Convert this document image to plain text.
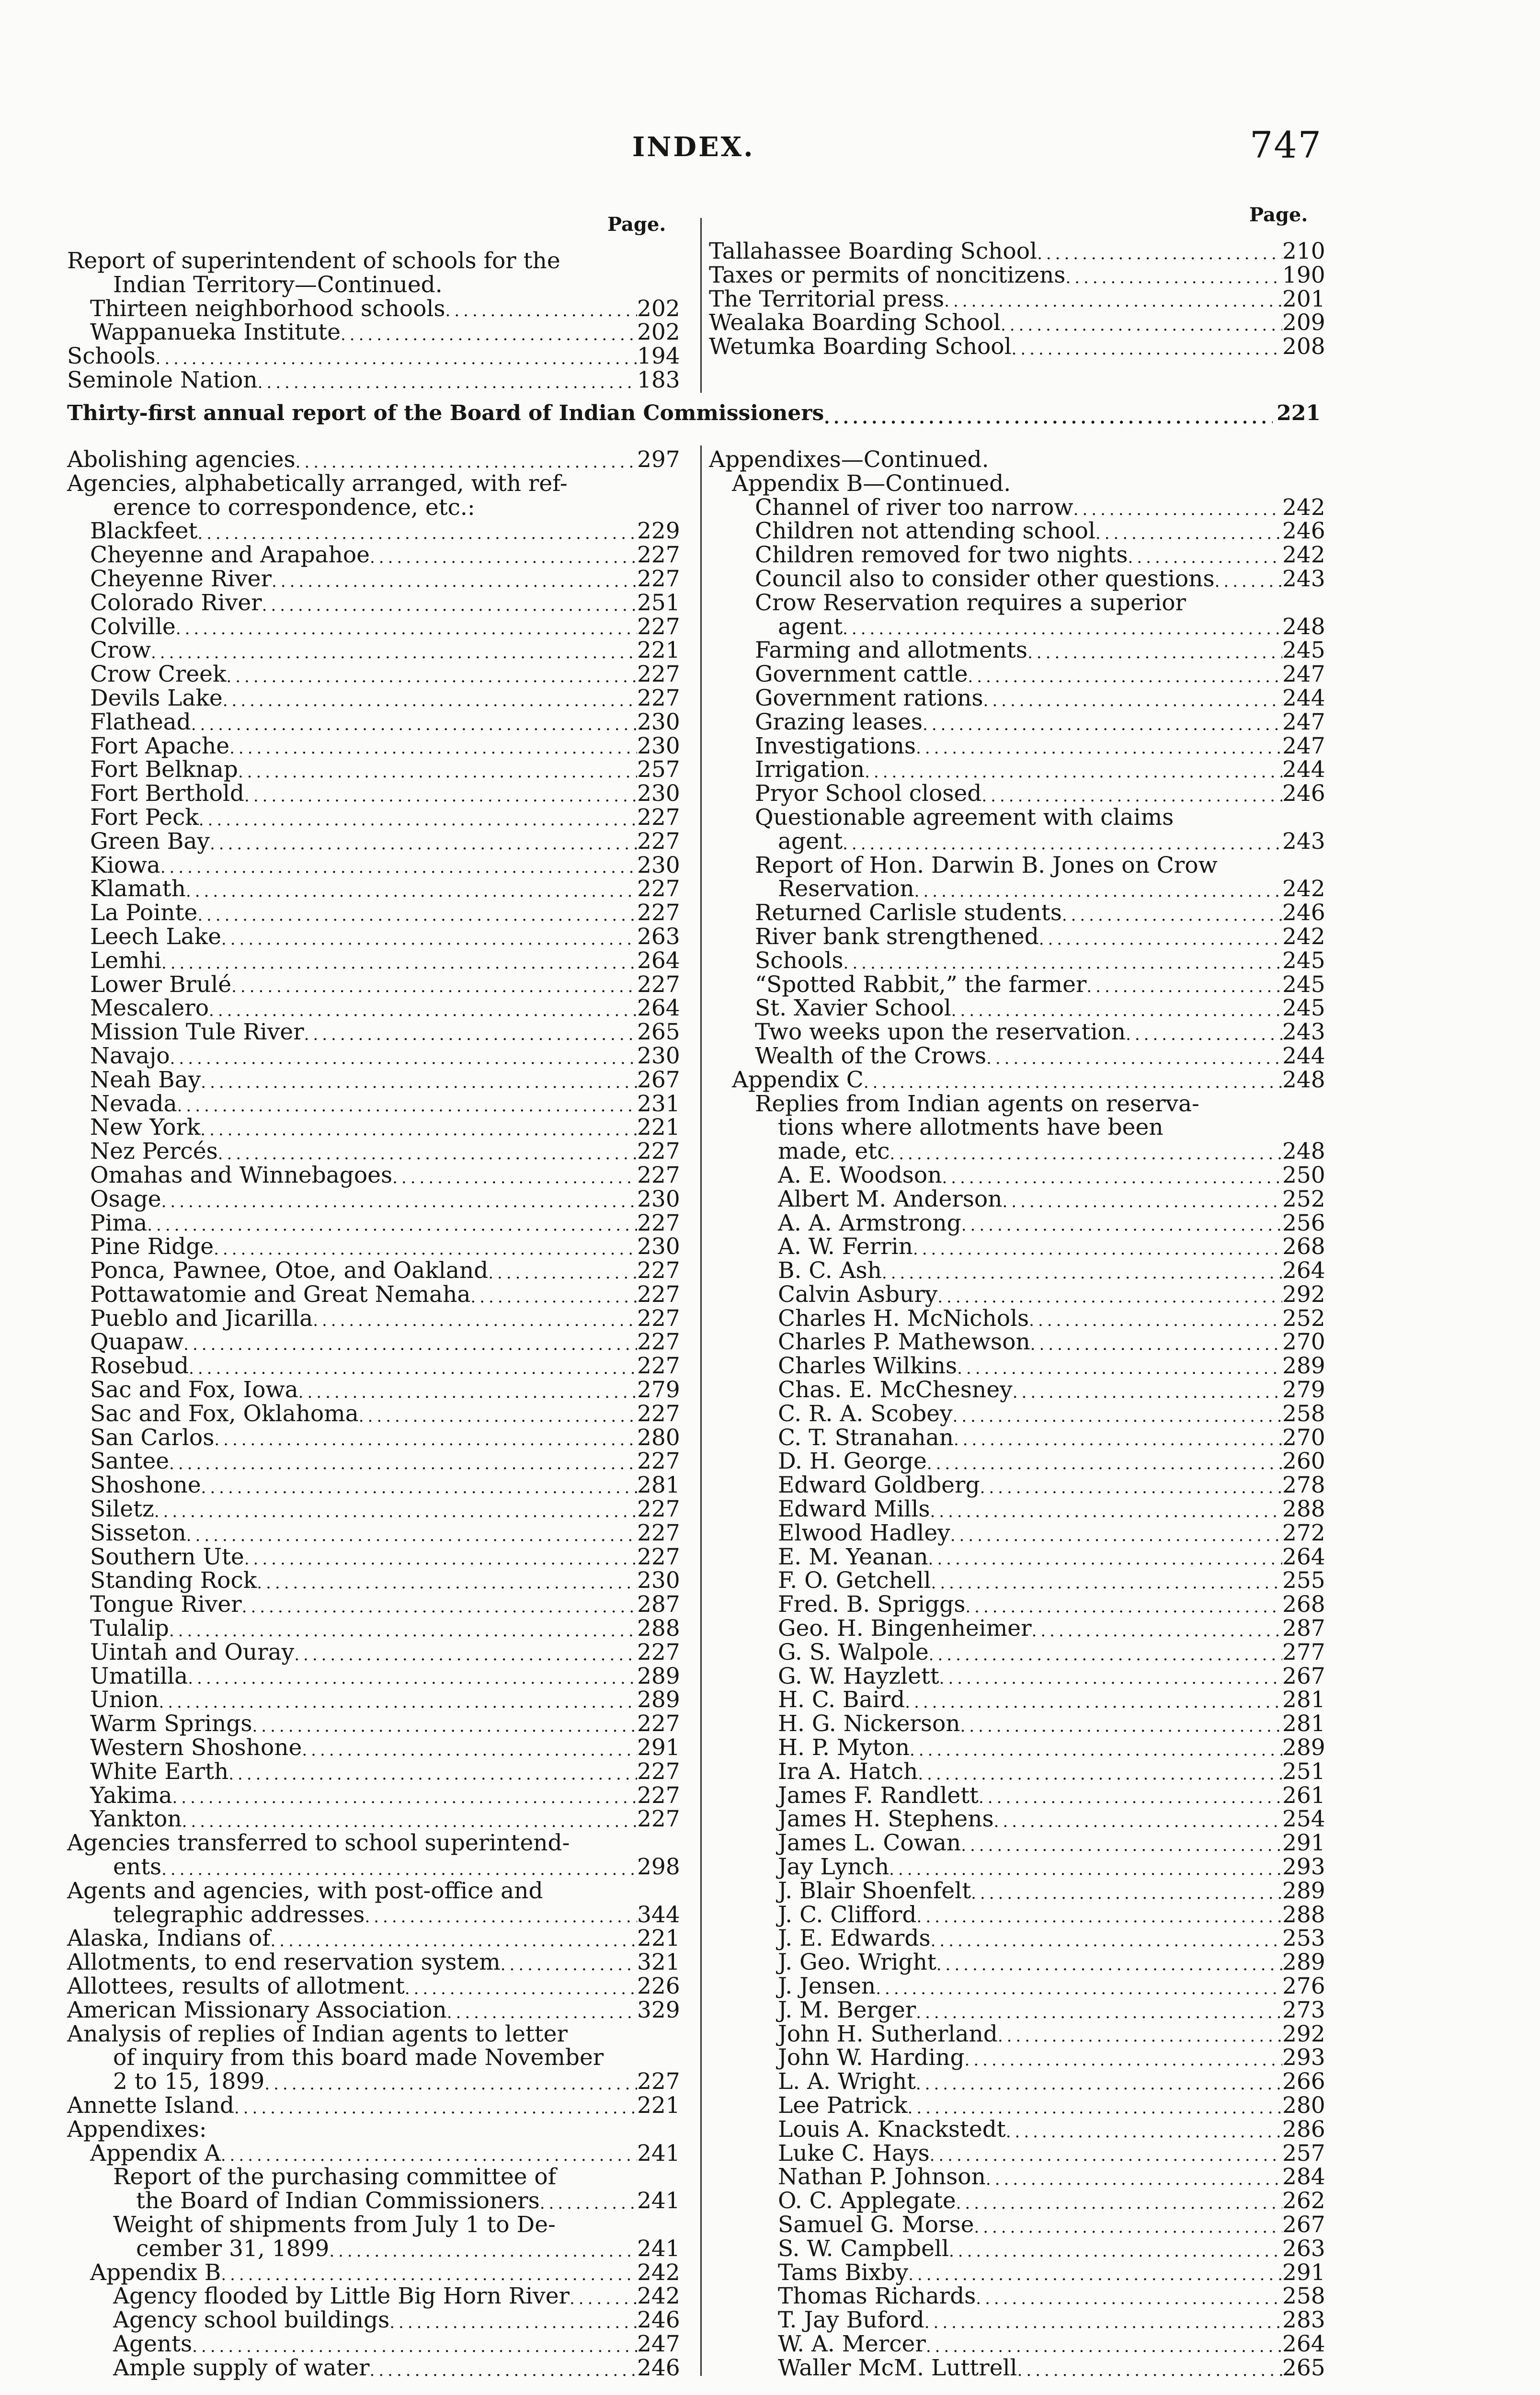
INDEX.	747
Page.	Page.
Report of superintendent of schools for the
Indian Territory—Continued.
Thirteen neighborhood schools .....	202
Wappanueka Institute .....	202
Schools .....	194
Seminole Nation .....	183
Tallahassee Boarding School .....	210
Taxes or permits of noncitizens .....	190
The Territorial press .....	201
Wealaka Boarding School .....	209
Wetumka Boarding School .....	208
Thirty-first annual report of the Board of Indian Commissioners .....	221
Abolishing agencies .....	297
Agencies, alphabetically arranged, with ref-
erence to correspondence, etc.:
Blackfeet .....	229
Cheyenne and Arapahoe .....	227
Cheyenne River .....	227
Colorado River .....	251
Colville .....	227
Crow .....	221
Crow Creek .....	227
Devils Lake .....	227
Flathead .....	230
Fort Apache .....	230
Fort Belknap .....	257
Fort Berthold .....	230
Fort Peck .....	227
Green Bay .....	227
Kiowa .....	230
Klamath .....	227
La Pointe .....	227
Leech Lake .....	263
Lemhi .....	264
Lower Brulé .....	227
Mescalero .....	264
Mission Tule River .....	265
Navajo .....	230
Neah Bay .....	267
Nevada .....	231
New York .....	221
Nez Percés .....	227
Omahas and Winnebagoes .....	227
Osage .....	230
Pima .....	227
Pine Ridge .....	230
Ponca, Pawnee, Otoe, and Oakland .....	227
Pottawatomie and Great Nemaha .....	227
Pueblo and Jicarilla .....	227
Quapaw .....	227
Rosebud .....	227
Sac and Fox, Iowa .....	279
Sac and Fox, Oklahoma .....	227
San Carlos .....	280
Santee .....	227
Shoshone .....	281
Siletz .....	227
Sisseton .....	227
Southern Ute .....	227
Standing Rock .....	230
Tongue River .....	287
Tulalip .....	288
Uintah and Ouray .....	227
Umatilla .....	289
Union .....	289
Warm Springs .....	227
Western Shoshone .....	291
White Earth .....	227
Yakima .....	227
Yankton .....	227
Agencies transferred to school superintend-
ents .....	298
Agents and agencies, with post-office and
telegraphic addresses .....	344
Alaska, Indians of .....	221
Allotments, to end reservation system .....	321
Allottees, results of allotment .....	226
American Missionary Association .....	329
Analysis of replies of Indian agents to letter
of inquiry from this board made November
2 to 15, 1899 .....	227
Annette Island .....	221
Appendixes:
Appendix A .....	241
Report of the purchasing committee of
the Board of Indian Commissioners .....	241
Weight of shipments from July 1 to De-
cember 31, 1899 .....	241
Appendix B .....	242
Agency flooded by Little Big Horn River .....	242
Agency school buildings .....	246
Agents .....	247
Ample supply of water .....	246
Appendixes—Continued.
Appendix B—Continued.
Channel of river too narrow .....	242
Children not attending school .....	246
Children removed for two nights .....	242
Council also to consider other questions .....	243
Crow Reservation requires a superior
agent .....	248
Farming and allotments .....	245
Government cattle .....	247
Government rations .....	244
Grazing leases .....	247
Investigations .....	247
Irrigation .....	244
Pryor School closed .....	246
Questionable agreement with claims
agent .....	243
Report of Hon. Darwin B. Jones on Crow
Reservation .....	242
Returned Carlisle students .....	246
River bank strengthened .....	242
Schools .....	245
“Spotted Rabbit,” the farmer .....	245
St. Xavier School .....	245
Two weeks upon the reservation .....	243
Wealth of the Crows .....	244
Appendix C .....	248
Replies from Indian agents on reserva-
tions where allotments have been
made, etc .....	248
A. E. Woodson .....	250
Albert M. Anderson .....	252
A. A. Armstrong .....	256
A. W. Ferrin .....	268
B. C. Ash .....	264
Calvin Asbury .....	292
Charles H. McNichols .....	252
Charles P. Mathewson .....	270
Charles Wilkins .....	289
Chas. E. McChesney .....	279
C. R. A. Scobey .....	258
C. T. Stranahan .....	270
D. H. George .....	260
Edward Goldberg .....	278
Edward Mills .....	288
Elwood Hadley .....	272
E. M. Yeanan .....	264
F. O. Getchell .....	255
Fred. B. Spriggs .....	268
Geo. H. Bingenheimer .....	287
G. S. Walpole .....	277
G. W. Hayzlett .....	267
H. C. Baird .....	281
H. G. Nickerson .....	281
H. P. Myton .....	289
Ira A. Hatch .....	251
James F. Randlett .....	261
James H. Stephens .....	254
James L. Cowan .....	291
Jay Lynch .....	293
J. Blair Shoenfelt .....	289
J. C. Clifford .....	288
J. E. Edwards .....	253
J. Geo. Wright .....	289
J. Jensen .....	276
J. M. Berger .....	273
John H. Sutherland .....	292
John W. Harding .....	293
L. A. Wright .....	266
Lee Patrick .....	280
Louis A. Knackstedt .....	286
Luke C. Hays .....	257
Nathan P. Johnson .....	284
O. C. Applegate .....	262
Samuel G. Morse .....	267
S. W. Campbell .....	263
Tams Bixby .....	291
Thomas Richards .....	258
T. Jay Buford .....	283
W. A. Mercer .....	264
Waller McM. Luttrell .....	265
